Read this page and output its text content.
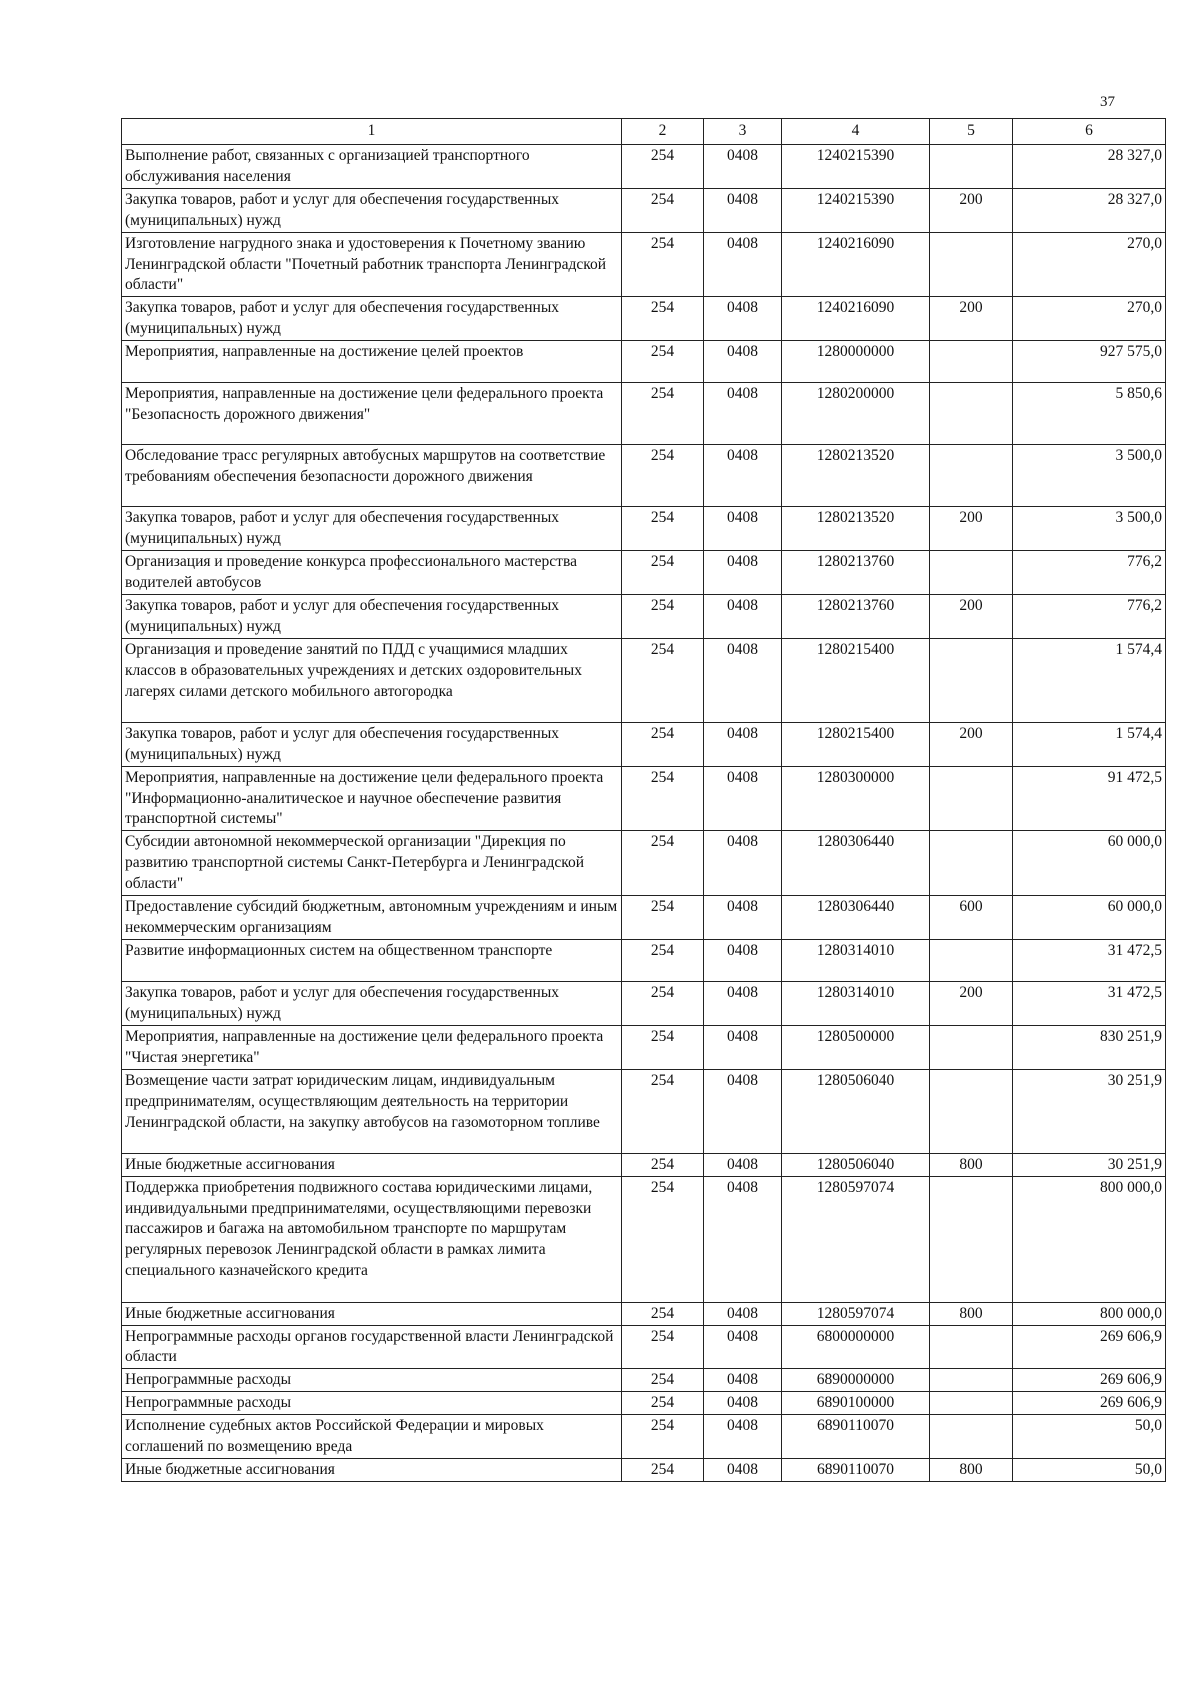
37
1	2	3	4	5	6
Выполнение работ, связанных с организацией транспортного обслуживания населения	254	0408	1240215390		28 327,0
Закупка товаров, работ и услуг для обеспечения государственных (муниципальных) нужд	254	0408	1240215390	200	28 327,0
Изготовление нагрудного знака и удостоверения к Почетному званию Ленинградской области "Почетный работник транспорта Ленинградской области"	254	0408	1240216090		270,0
Закупка товаров, работ и услуг для обеспечения государственных (муниципальных) нужд	254	0408	1240216090	200	270,0
Мероприятия, направленные на достижение целей проектов	254	0408	1280000000		927 575,0
Мероприятия, направленные на достижение цели федерального проекта "Безопасность дорожного движения"	254	0408	1280200000		5 850,6
Обследование трасс регулярных автобусных маршрутов на соответствие требованиям обеспечения безопасности дорожного движения	254	0408	1280213520		3 500,0
Закупка товаров, работ и услуг для обеспечения государственных (муниципальных) нужд	254	0408	1280213520	200	3 500,0
Организация и проведение конкурса профессионального мастерства водителей автобусов	254	0408	1280213760		776,2
Закупка товаров, работ и услуг для обеспечения государственных (муниципальных) нужд	254	0408	1280213760	200	776,2
Организация и проведение занятий по ПДД с учащимися младших классов в образовательных учреждениях и детских оздоровительных лагерях силами детского мобильного автогородка	254	0408	1280215400		1 574,4
Закупка товаров, работ и услуг для обеспечения государственных (муниципальных) нужд	254	0408	1280215400	200	1 574,4
Мероприятия, направленные на достижение цели федерального проекта "Информационно-аналитическое и научное обеспечение развития транспортной системы"	254	0408	1280300000		91 472,5
Субсидии автономной некоммерческой организации "Дирекция по развитию транспортной системы Санкт-Петербурга и Ленинградской области"	254	0408	1280306440		60 000,0
Предоставление субсидий бюджетным, автономным учреждениям и иным некоммерческим организациям	254	0408	1280306440	600	60 000,0
Развитие информационных систем на общественном транспорте	254	0408	1280314010		31 472,5
Закупка товаров, работ и услуг для обеспечения государственных (муниципальных) нужд	254	0408	1280314010	200	31 472,5
Мероприятия, направленные на достижение цели федерального проекта "Чистая энергетика"	254	0408	1280500000		830 251,9
Возмещение части затрат юридическим лицам, индивидуальным предпринимателям, осуществляющим деятельность на территории Ленинградской области, на закупку автобусов на газомоторном топливе	254	0408	1280506040		30 251,9
Иные бюджетные ассигнования	254	0408	1280506040	800	30 251,9
Поддержка приобретения подвижного состава юридическими лицами, индивидуальными предпринимателями, осуществляющими перевозки пассажиров и багажа на автомобильном транспорте по маршрутам регулярных перевозок Ленинградской области в рамках лимита специального казначейского кредита	254	0408	1280597074		800 000,0
Иные бюджетные ассигнования	254	0408	1280597074	800	800 000,0
Непрограммные расходы органов государственной власти Ленинградской области	254	0408	6800000000		269 606,9
Непрограммные расходы	254	0408	6890000000		269 606,9
Непрограммные расходы	254	0408	6890100000		269 606,9
Исполнение судебных актов Российской Федерации и мировых соглашений по возмещению вреда	254	0408	6890110070		50,0
Иные бюджетные ассигнования	254	0408	6890110070	800	50,0
